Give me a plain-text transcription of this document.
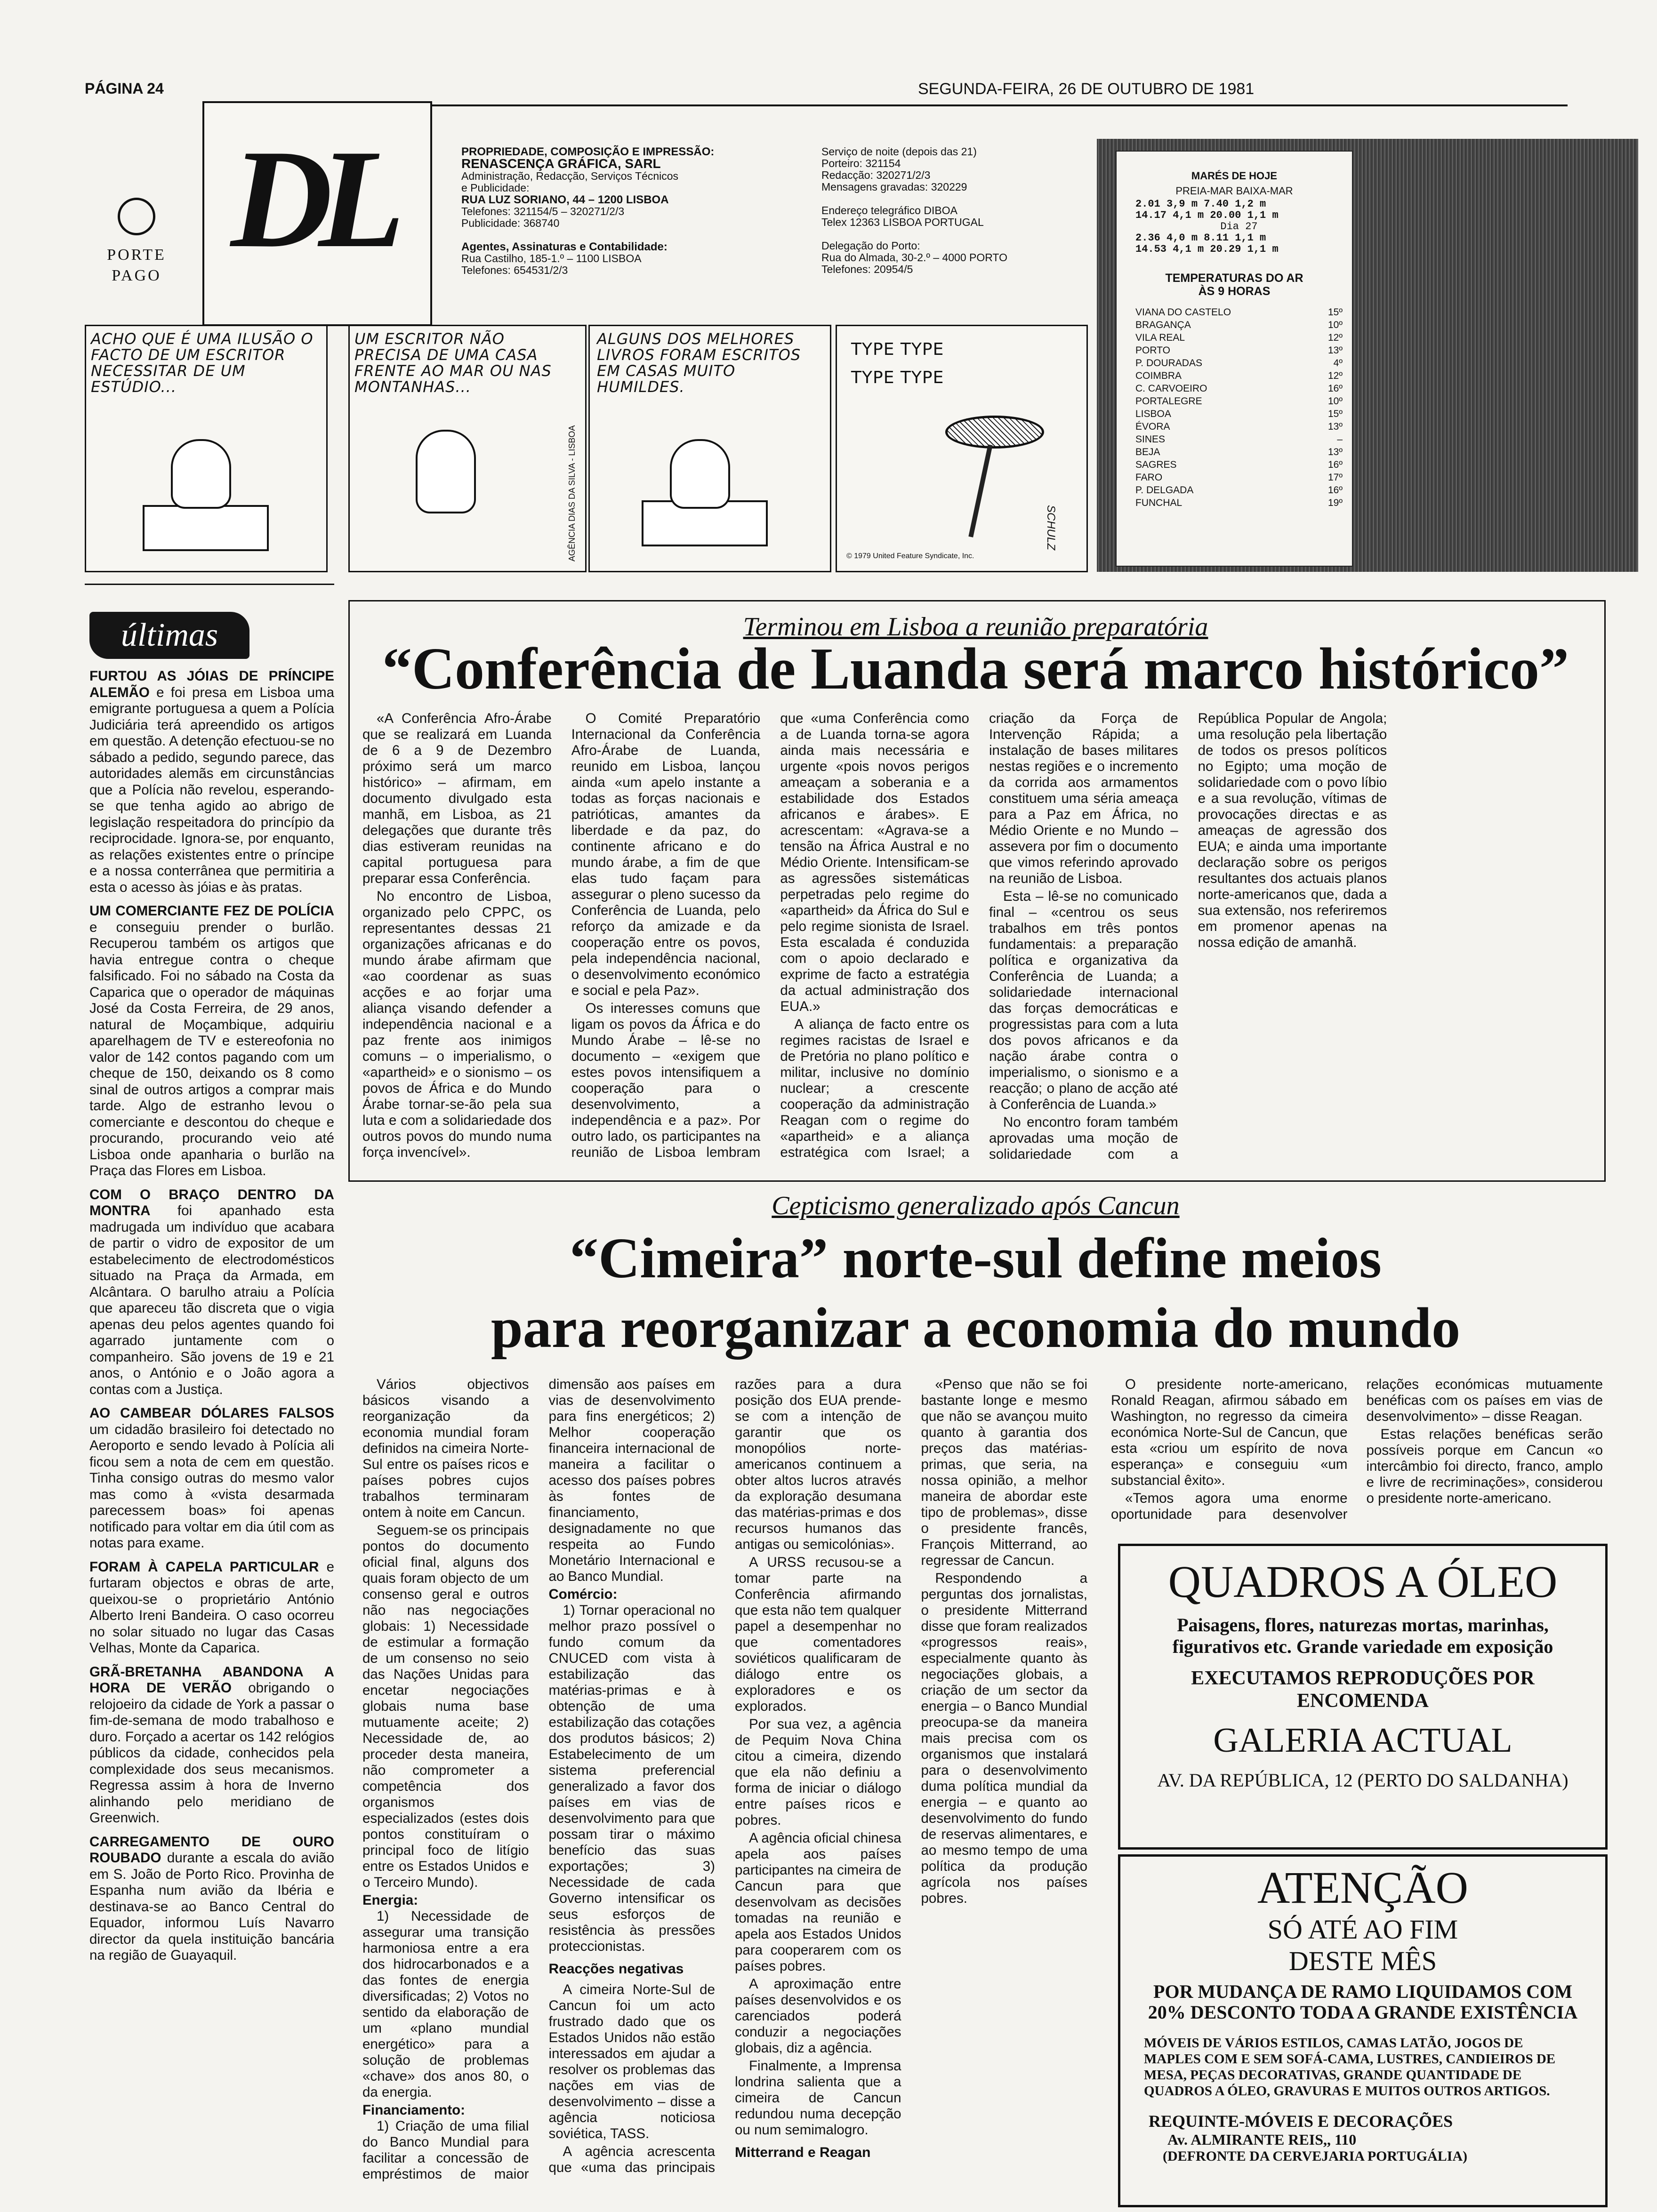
PÁGINA 24	SEGUNDA-FEIRA, 26 DE OUTUBRO DE 1981
PORTE
PAGO DL	PROPRIEDADE, COMPOSIÇÃO E IMPRESSÃO:
RENASCENÇA GRÁFICA, SARL
Administração, Redacção, Serviços Técnicos
e Publicidade:
RUA LUZ SORIANO, 44 – 1200 LISBOA
Telefones: 321154/5 – 320271/2/3
Publicidade: 368740

Agentes, Assinaturas e Contabilidade:
Rua Castilho, 185-1.º – 1100 LISBOA
Telefones: 654531/2/3
Serviço de noite (depois das 21)
Porteiro: 321154
Redacção: 320271/2/3
Mensagens gravadas: 320229

Endereço telegráfico DIBOA
Telex 12363 LISBOA PORTUGAL

Delegação do Porto:
Rua do Almada, 30-2.º – 4000 PORTO
Telefones: 20954/5
MARÉS DE HOJE
PREIA-MAR BAIXA-MAR
2.01 3,9 m 7.40 1,2 m
14.17 4,1 m 20.00 1,1 m
Dia 27
2.36 4,0 m 8.11 1,1 m
14.53 4,1 m 20.29 1,1 m
TEMPERATURAS DO AR
ÀS 9 HORAS
VIANA DO CASTELO	15º
BRAGANÇA	10º
VILA REAL	12º
PORTO	13º
P. DOURADAS	4º
COIMBRA	12º
C. CARVOEIRO	16º
PORTALEGRE	10º
LISBOA	15º
ÉVORA	13º
SINES	–
BEJA	13º
SAGRES	16º
FARO	17º
P. DELGADA	16º
FUNCHAL	19º
ACHO QUE É UMA ILUSÃO O FACTO DE UM ESCRITOR NECESSITAR DE UM ESTÚDIO...
UM ESCRITOR NÃO PRECISA DE UMA CASA FRENTE AO MAR OU NAS MONTANHAS...
AGÊNCIA DIAS DA SILVA - LISBOA
ALGUNS DOS MELHORES LIVROS FORAM ESCRITOS EM CASAS MUITO HUMILDES.
TYPE TYPE TYPE TYPE
© 1979 United Feature Syndicate, Inc.
SCHULZ
últimas

FURTOU AS JÓIAS DE PRÍNCIPE ALEMÃO e foi presa em Lisboa uma emigrante portuguesa a quem a Polícia Judiciária terá apreendido os artigos em questão. A detenção efectuou-se no sábado a pedido, segundo parece, das autoridades alemãs em circunstâncias que a Polícia não revelou, esperando-se que tenha agido ao abrigo de legislação respeitadora do princípio da reciprocidade. Ignora-se, por enquanto, as relações existentes entre o príncipe e a nossa conterrânea que permitiria a esta o acesso às jóias e às pratas.

UM COMERCIANTE FEZ DE POLÍCIA e conseguiu prender o burlão. Recuperou também os artigos que havia entregue contra o cheque falsificado. Foi no sábado na Costa da Caparica que o operador de máquinas José da Costa Ferreira, de 29 anos, natural de Moçambique, adquiriu aparelhagem de TV e estereofonia no valor de 142 contos pagando com um cheque de 150, deixando os 8 como sinal de outros artigos a comprar mais tarde. Algo de estranho levou o comerciante e descontou do cheque e procurando, procurando veio até Lisboa onde apanharia o burlão na Praça das Flores em Lisboa.

COM O BRAÇO DENTRO DA MONTRA foi apanhado esta madrugada um indivíduo que acabara de partir o vidro de expositor de um estabelecimento de electrodomésticos situado na Praça da Armada, em Alcântara. O barulho atraiu a Polícia que apareceu tão discreta que o vigia apenas deu pelos agentes quando foi agarrado juntamente com o companheiro. São jovens de 19 e 21 anos, o António e o João agora a contas com a Justiça.

AO CAMBEAR DÓLARES FALSOS um cidadão brasileiro foi detectado no Aeroporto e sendo levado à Polícia ali ficou sem a nota de cem em questão. Tinha consigo outras do mesmo valor mas como à «vista desarmada parecessem boas» foi apenas notificado para voltar em dia útil com as notas para exame.

FORAM À CAPELA PARTICULAR e furtaram objectos e obras de arte, queixou-se o proprietário António Alberto Ireni Bandeira. O caso ocorreu no solar situado no lugar das Casas Velhas, Monte da Caparica.

GRÃ-BRETANHA ABANDONA A HORA DE VERÃO obrigando o relojoeiro da cidade de York a passar o fim-de-semana de modo trabalhoso e duro. Forçado a acertar os 142 relógios públicos da cidade, conhecidos pela complexidade dos seus mecanismos. Regressa assim à hora de Inverno alinhando pelo meridiano de Greenwich.

CARREGAMENTO DE OURO ROUBADO durante a escala do avião em S. João de Porto Rico. Provinha de Espanha num avião da Ibéria e destinava-se ao Banco Central do Equador, informou Luís Navarro director da quela instituição bancária na região de Guayaquil.

Terminou em Lisboa a reunião preparatória
“Conferência de Luanda será marco histórico”

«A Conferência Afro-Árabe que se realizará em Luanda de 6 a 9 de Dezembro próximo será um marco histórico» – afirmam, em documento divulgado esta manhã, em Lisboa, as 21 delegações que durante três dias estiveram reunidas na capital portuguesa para preparar essa Conferência.

No encontro de Lisboa, organizado pelo CPPC, os representantes dessas 21 organizações africanas e do mundo árabe afirmam que «ao coordenar as suas acções e ao forjar uma aliança visando defender a independência nacional e a paz frente aos inimigos comuns – o imperialismo, o «apartheid» e o sionismo – os povos de África e do Mundo Árabe tornar-se-ão pela sua luta e com a solidariedade dos outros povos do mundo numa força invencível».

O Comité Preparatório Internacional da Conferência Afro-Árabe de Luanda, reunido em Lisboa, lançou ainda «um apelo instante a todas as forças nacionais e patrióticas, amantes da liberdade e da paz, do continente africano e do mundo árabe, a fim de que elas tudo façam para assegurar o pleno sucesso da Conferência de Luanda, pelo reforço da amizade e da cooperação entre os povos, pela independência nacional, o desenvolvimento económico e social e pela Paz».

Os interesses comuns que ligam os povos da África e do Mundo Árabe – lê-se no documento – «exigem que estes povos intensifiquem a cooperação para o desenvolvimento, a independência e a paz». Por outro lado, os participantes na reunião de Lisboa lembram que «uma Conferência como a de Luanda torna-se agora ainda mais necessária e urgente «pois novos perigos ameaçam a soberania e a estabilidade dos Estados africanos e árabes». E acrescentam: «Agrava-se a tensão na África Austral e no Médio Oriente. Intensificam-se as agressões sistemáticas perpetradas pelo regime do «apartheid» da África do Sul e pelo regime sionista de Israel. Esta escalada é conduzida com o apoio declarado e exprime de facto a estratégia da actual administração dos EUA.»

A aliança de facto entre os regimes racistas de Israel e de Pretória no plano político e militar, inclusive no domínio nuclear; a crescente cooperação da administração Reagan com o regime do «apartheid» e a aliança estratégica com Israel; a criação da Força de Intervenção Rápida; a instalação de bases militares nestas regiões e o incremento da corrida aos armamentos constituem uma séria ameaça para a Paz em África, no Médio Oriente e no Mundo – assevera por fim o documento que vimos referindo aprovado na reunião de Lisboa.

Esta – lê-se no comunicado final – «centrou os seus trabalhos em três pontos fundamentais: a preparação política e organizativa da Conferência de Luanda; a solidariedade internacional das forças democráticas e progressistas para com a luta dos povos africanos e da nação árabe contra o imperialismo, o sionismo e a reacção; o plano de acção até à Conferência de Luanda.»

No encontro foram também aprovadas uma moção de solidariedade com a República Popular de Angola; uma resolução pela libertação de todos os presos políticos no Egipto; uma moção de solidariedade com o povo líbio e a sua revolução, vítimas de provocações directas e as ameaças de agressão dos EUA; e ainda uma importante declaração sobre os perigos resultantes dos actuais planos norte-americanos que, dada a sua extensão, nos referiremos em promenor apenas na nossa edição de amanhã.

Cepticismo generalizado após Cancun
“Cimeira” norte-sul define meios
para reorganizar a economia do mundo

Vários objectivos básicos visando a reorganização da economia mundial foram definidos na cimeira Norte-Sul entre os países ricos e países pobres cujos trabalhos terminaram ontem à noite em Cancun.

Seguem-se os principais pontos do documento oficial final, alguns dos quais foram objecto de um consenso geral e outros não nas negociações globais: 1) Necessidade de estimular a formação de um consenso no seio das Nações Unidas para encetar negociações globais numa base mutuamente aceite; 2) Necessidade de, ao proceder desta maneira, não comprometer a competência dos organismos especializados (estes dois pontos constituíram o principal foco de litígio entre os Estados Unidos e o Terceiro Mundo).

Energia:

1) Necessidade de assegurar uma transição harmoniosa entre a era dos hidrocarbonados e a das fontes de energia diversificadas; 2) Votos no sentido da elaboração de um «plano mundial energético» para a solução de problemas «chave» dos anos 80, o da energia.

Financiamento:

1) Criação de uma filial do Banco Mundial para facilitar a concessão de empréstimos de maior dimensão aos países em vias de desenvolvimento para fins energéticos; 2) Melhor cooperação financeira internacional de maneira a facilitar o acesso dos países pobres às fontes de financiamento, designadamente no que respeita ao Fundo Monetário Internacional e ao Banco Mundial.

Comércio:

1) Tornar operacional no melhor prazo possível o fundo comum da CNUCED com vista à estabilização das matérias-primas e à obtenção de uma estabilização das cotações dos produtos básicos; 2) Estabelecimento de um sistema preferencial generalizado a favor dos países em vias de desenvolvimento para que possam tirar o máximo benefício das suas exportações; 3) Necessidade de cada Governo intensificar os seus esforços de resistência às pressões proteccionistas.

Reacções negativas

A cimeira Norte-Sul de Cancun foi um acto frustrado dado que os Estados Unidos não estão interessados em ajudar a resolver os problemas das nações em vias de desenvolvimento – disse a agência noticiosa soviética, TASS.

A agência acrescenta que «uma das principais razões para a dura posição dos EUA prende-se com a intenção de garantir que os monopólios norte-americanos continuem a obter altos lucros através da exploração desumana das matérias-primas e dos recursos humanos das antigas ou semicolónias».

A URSS recusou-se a tomar parte na Conferência afirmando que esta não tem qualquer papel a desempenhar no que comentadores soviéticos qualificaram de diálogo entre os exploradores e os explorados.

Por sua vez, a agência de Pequim Nova China citou a cimeira, dizendo que ela não definiu a forma de iniciar o diálogo entre países ricos e pobres.

A agência oficial chinesa apela aos países participantes na cimeira de Cancun para que desenvolvam as decisões tomadas na reunião e apela aos Estados Unidos para cooperarem com os países pobres.

A aproximação entre países desenvolvidos e os carenciados poderá conduzir a negociações globais, diz a agência.

Finalmente, a Imprensa londrina salienta que a cimeira de Cancun redundou numa decepção ou num semimalogro.

Mitterrand e Reagan

«Penso que não se foi bastante longe e mesmo que não se avançou muito quanto à garantia dos preços das matérias-primas, que seria, na nossa opinião, a melhor maneira de abordar este tipo de problemas», disse o presidente francês, François Mitterrand, ao regressar de Cancun.

Respondendo a perguntas dos jornalistas, o presidente Mitterrand disse que foram realizados «progressos reais», especialmente quanto às negociações globais, a criação de um sector da energia – o Banco Mundial preocupa-se da maneira mais precisa com os organismos que instalará para o desenvolvimento duma política mundial da energia – e quanto ao desenvolvimento do fundo de reservas alimentares, e ao mesmo tempo de uma política da produção agrícola nos países pobres.

O presidente norte-americano, Ronald Reagan, afirmou sábado em Washington, no regresso da cimeira económica Norte-Sul de Cancun, que esta «criou um espírito de nova esperança» e conseguiu «um substancial êxito».

«Temos agora uma enorme oportunidade para desenvolver relações económicas mutuamente benéficas com os países em vias de desenvolvimento» – disse Reagan.

Estas relações benéficas serão possíveis porque em Cancun «o intercâmbio foi directo, franco, amplo e livre de recriminações», considerou o presidente norte-americano.

QUADROS A ÓLEO
Paisagens, flores, naturezas mortas, marinhas, figurativos etc. Grande variedade em exposição
EXECUTAMOS REPRODUÇÕES POR ENCOMENDA
GALERIA ACTUAL
AV. DA REPÚBLICA, 12 (PERTO DO SALDANHA)
ATENÇÃO
SÓ ATÉ AO FIM
DESTE MÊS
POR MUDANÇA DE RAMO LIQUIDAMOS COM 20% DESCONTO TODA A GRANDE EXISTÊNCIA
MÓVEIS DE VÁRIOS ESTILOS, CAMAS LATÃO, JOGOS DE MAPLES COM E SEM SOFÁ-CAMA, LUSTRES, CANDIEIROS DE MESA, PEÇAS DECORATIVAS, GRANDE QUANTIDADE DE QUADROS A ÓLEO, GRAVURAS E MUITOS OUTROS ARTIGOS.
REQUINTE-MÓVEIS E DECORAÇÕES
Av. ALMIRANTE REIS,, 110
(DEFRONTE DA CERVEJARIA PORTUGÁLIA)
